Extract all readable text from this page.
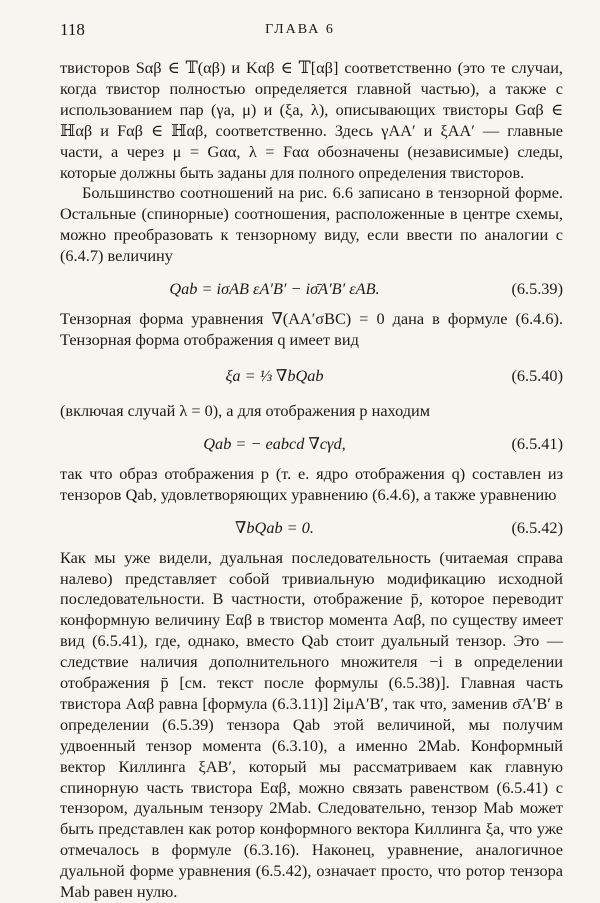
118	ГЛАВА 6

твисторов Sαβ ∈ 𝕋(αβ) и Kαβ ∈ 𝕋[αβ] соответственно (это те случаи, когда твистор полностью определяется главной частью), а также с использованием пар (γa, μ) и (ξa, λ), описывающих твисторы Gαβ ∈ ℍαβ и Fαβ ∈ ℍαβ, соответственно. Здесь γAA′ и ξAA′ — главные части, а через μ = Gαα, λ = Fαα обозначены (независимые) следы, которые должны быть заданы для полного определения твисторов.

Большинство соотношений на рис. 6.6 записано в тензорной форме. Остальные (спинорные) соотношения, расположенные в центре схемы, можно преобразовать к тензорному виду, если ввести по аналогии с (6.4.7) величину

Qab = iσAB εA′B′ − iσ̄A′B′ εAB.	(6.5.39)

Тензорная форма уравнения ∇(AA′σBC) = 0 дана в формуле (6.4.6). Тензорная форма отображения q имеет вид

ξa = ⅓ ∇bQab	(6.5.40)

(включая случай λ = 0), а для отображения p находим

Qab = − eabcd ∇cγd,	(6.5.41)

так что образ отображения p (т. е. ядро отображения q) составлен из тензоров Qab, удовлетворяющих уравнению (6.4.6), а также уравнению

∇bQab = 0.	(6.5.42)

Как мы уже видели, дуальная последовательность (читаемая справа налево) представляет собой тривиальную модификацию исходной последовательности. В частности, отображение p̄, которое переводит конформную величину Eαβ в твистор момента Aαβ, по существу имеет вид (6.5.41), где, однако, вместо Qab стоит дуальный тензор. Это — следствие наличия дополнительного множителя −i в определении отображения p̄ [см. текст после формулы (6.5.38)]. Главная часть твистора Aαβ равна [формула (6.3.11)] 2iμA′B′, так что, заменив σ̄A′B′ в определении (6.5.39) тензора Qab этой величиной, мы получим удвоенный тензор момента (6.3.10), а именно 2Mab. Конформный вектор Киллинга ξAB′, который мы рассматриваем как главную спинорную часть твистора Eαβ, можно связать равенством (6.5.41) с тензором, дуальным тензору 2Mab. Следовательно, тензор Mab может быть представлен как ротор конформного вектора Киллинга ξa, что уже отмечалось в формуле (6.3.16). Наконец, уравнение, аналогичное дуальной форме уравнения (6.5.42), означает просто, что ротор тензора Mab равен нулю.
